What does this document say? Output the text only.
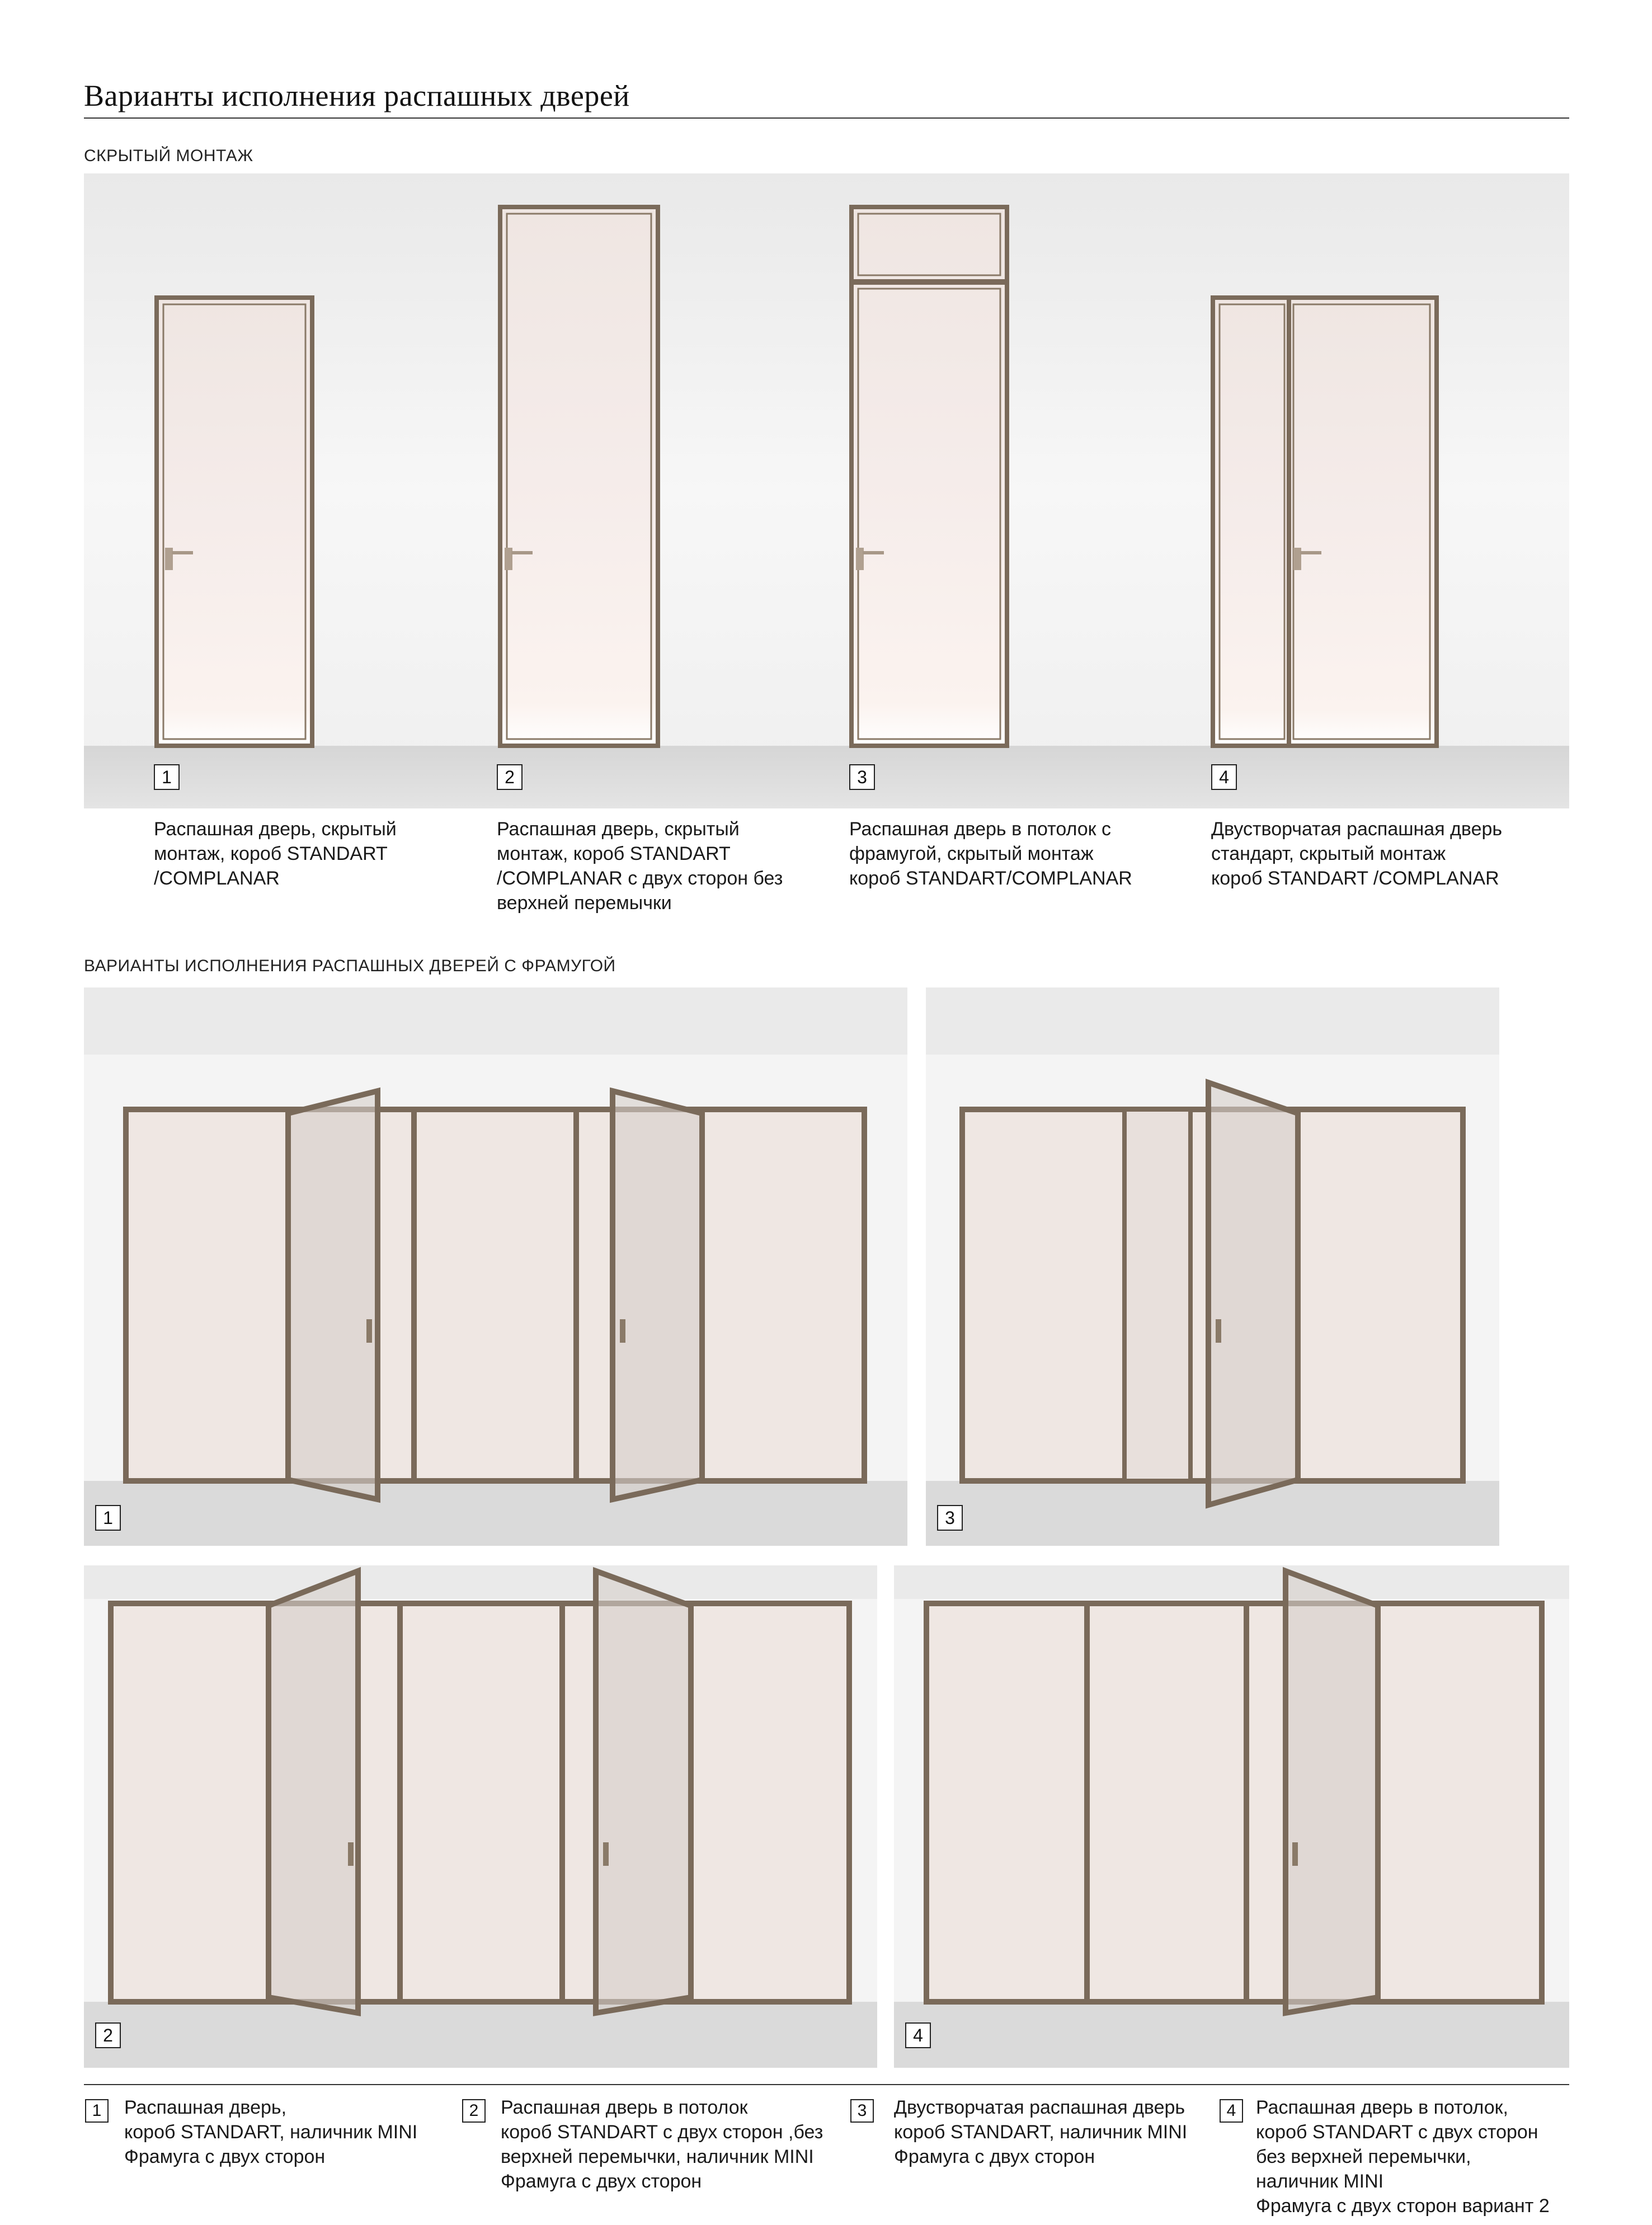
Варианты исполнения распашных дверей
СКРЫТЫЙ МОНТАЖ
1	2	3	4
Распашная дверь, скрытый
монтаж, короб STANDART
/COMPLANAR
Распашная дверь, скрытый
монтаж, короб STANDART
/COMPLANAR с двух сторон без
верхней перемычки
Распашная дверь в потолок с
фрамугой, скрытый монтаж
короб STANDART/COMPLANAR
Двустворчатая распашная дверь
стандарт, скрытый монтаж
короб STANDART /COMPLANAR
ВАРИАНТЫ ИСПОЛНЕНИЯ РАСПАШНЫХ ДВЕРЕЙ С ФРАМУГОЙ
1	3
2	4
1	Распашная дверь,
короб STANDART, наличник MINI
Фрамуга с двух сторон
2	Распашная дверь в потолок
короб STANDART с двух сторон ,без
верхней перемычки, наличник MINI
Фрамуга с двух сторон
3	Двустворчатая распашная дверь
короб STANDART, наличник MINI
Фрамуга с двух сторон
4	Распашная дверь в потолок,
короб STANDART с двух сторон
без верхней перемычки,
наличник MINI
Фрамуга с двух сторон вариант 2
